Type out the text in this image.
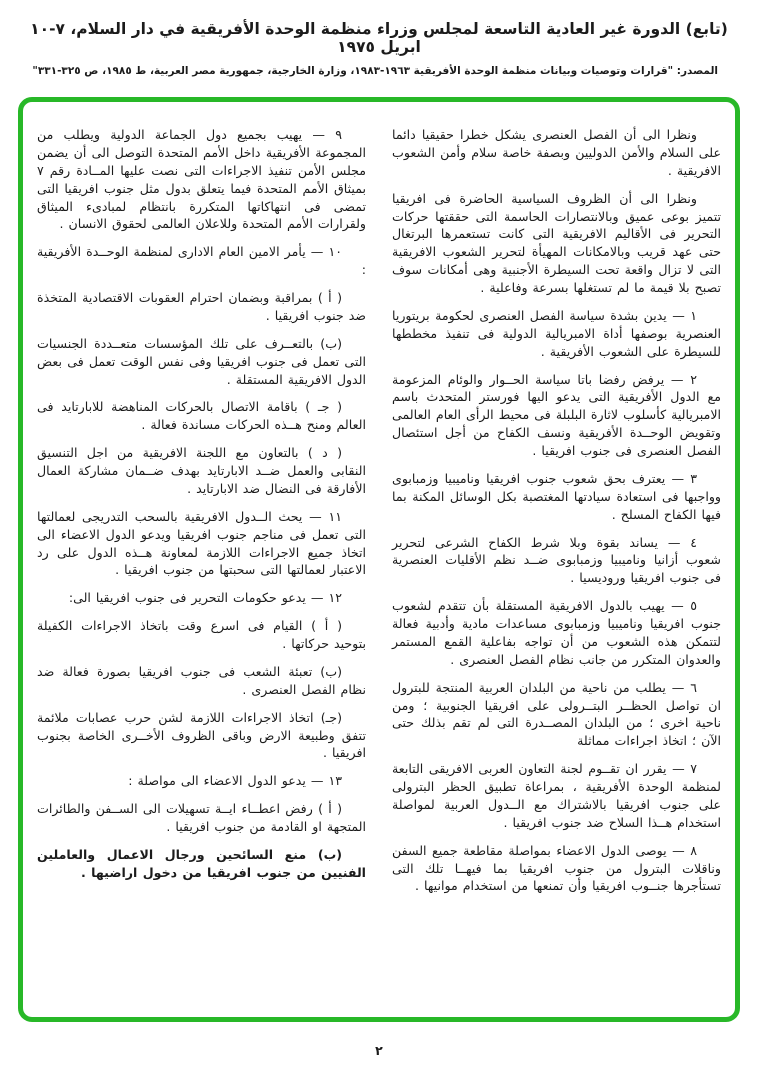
(تابع) الدورة غير العادية التاسعة لمجلس وزراء منظمة الوحدة الأفريقية في دار السلام، ٧-١٠ ابريل ١٩٧٥
المصدر: "قرارات وتوصيات وبيانات منظمة الوحدة الأفريقية ١٩٦٣-١٩٨٣، وزارة الخارجية، جمهورية مصر العربية، ط ١٩٨٥، ص ٣٢٥-٣٣١"

ونظرا الى أن الفصل العنصرى يشكل خطرا حقيقيا دائما على السلام والأمن الدوليين وبصفة خاصة سلام وأمن الشعوب الافريقية .

ونظرا الى أن الظروف السياسية الحاضرة فى افريقيا تتميز بوعى عميق وبالانتصارات الحاسمة التى حققتها حركات التحرير فى الأقاليم الافريقية التى كانت تستعمرها البرتغال حتى عهد قريب وبالامكانات المهيأة لتحرير الشعوب الافريقية التى لا تزال واقعة تحت السيطرة الأجنبية وهى أمكانات سوف تصبح بلا قيمة ما لم تستغلها بسرعة وفاعلية .

١ — يدين بشدة سياسة الفصل العنصرى لحكومة بريتوريا العنصرية بوصفها أداة الامبريالية الدولية فى تنفيذ مخططها للسيطرة على الشعوب الأفريقية .

٢ — يرفض رفضا باتا سياسة الحــوار والوئام المزعومة مع الدول الأفريقية التى يدعو اليها فورستر المتحدث باسم الامبريالية كأسلوب لاثارة البلبلة فى محيط الرأى العام العالمى وتقويض الوحــدة الأفريقية ونسف الكفاح من أجل استئصال الفصل العنصرى فى جنوب افريقيا .

٣ — يعترف بحق شعوب جنوب افريقيا وناميبيا وزمبابوى وواجبها فى استعادة سيادتها المغتصبة بكل الوسائل المكنة بما فيها الكفاح المسلح .

٤ — يساند بقوة وبلا شرط الكفاح الشرعى لتحرير شعوب أزانيا وناميبيا وزمبابوى ضــد نظم الأقليات العنصرية فى جنوب افريقيا وروديسيا .

٥ — يهيب بالدول الافريقية المستقلة بأن تتقدم لشعوب جنوب افريقيا وناميبيا وزمبابوى مساعدات مادية وأدبية فعالة لتتمكن هذه الشعوب من أن تواجه بفاعلية القمع المستمر والعدوان المتكرر من جانب نظام الفصل العنصرى .

٦ — يطلب من ناحية من البلدان العربية المنتجة للبترول ان تواصل الحظــر البتــرولى على افريقيا الجنوبية ؛ ومن ناحية اخرى ؛ من البلدان المصــدرة التى لم تقم بذلك حتى الآن ؛ اتخاذ اجراءات مماثلة

٧ — يقرر ان تقــوم لجنة التعاون العربى الافريقى التابعة لمنظمة الوحدة الأفريقية ، بمراعاة تطبيق الحظر البترولى على جنوب افريقيا بالاشتراك مع الــدول العربية لمواصلة استخدام هــذا السلاح ضد جنوب افريقيا .

٨ — يوصى الدول الاعضاء بمواصلة مقاطعة جميع السفن وناقلات البترول من جنوب افريقيا بما فيهــا تلك التى تستأجرها جنــوب افريقيا وأن تمنعها من استخدام موانيها .

٩ — يهيب بجميع دول الجماعة الدولية ويطلب من المجموعة الأفريقية داخل الأمم المتحدة التوصل الى أن يضمن مجلس الأمن تنفيذ الاجراءات التى نصت عليها المــادة رقم ٧ بميثاق الأمم المتحدة فيما يتعلق بدول مثل جنوب افريقيا التى تمضى فى انتهاكاتها المتكررة بانتظام لمبادىء الميثاق ولقرارات الأمم المتحدة وللاعلان العالمى لحقوق الانسان .

١٠ — يأمر الامين العام الادارى لمنظمة الوحــدة الأفريقية :

( أ ) بمراقبة وبضمان احترام العقوبات الاقتصادية المتخذة ضد جنوب افريقيا .

(ب) بالتعــرف على تلك المؤسسات متعــددة الجنسيات التى تعمل فى جنوب افريقيا وفى نفس الوقت تعمل فى بعض الدول الافريقية المستقلة .

( جـ ) باقامة الاتصال بالحركات المناهضة للابارتايد فى العالم ومنح هــذه الحركات مساندة فعالة .

( د ) بالتعاون مع اللجنة الافريقية من اجل التنسيق النقابى والعمل ضــد الابارتايد بهدف ضــمان مشاركة العمال الأفارقة فى النضال ضد الابارتايد .

١١ — يحث الــدول الافريقية بالسحب التدريجى لعمالتها التى تعمل فى مناجم جنوب افريقيا ويدعو الدول الاعضاء الى اتخاذ جميع الاجراءات اللازمة لمعاونة هــذه الدول على رد الاعتبار لعمالتها التى سحبتها من جنوب افريقيا .

١٢ — يدعو حكومات التحرير فى جنوب افريقيا الى:

( أ ) القيام فى اسرع وقت باتخاذ الاجراءات الكفيلة بتوحيد حركاتها .

(ب) تعبئة الشعب فى جنوب افريقيا بصورة فعالة ضد نظام الفصل العنصرى .

(جـ) اتخاذ الاجراءات اللازمة لشن حرب عصابات ملائمة تتفق وطبيعة الارض وباقى الظروف الأخــرى الخاصة بجنوب افريقيا .

١٣ — يدعو الدول الاعضاء الى مواصلة :

( أ ) رفض اعطــاء ايــة تسهيلات الى الســفن والطائرات المتجهة او القادمة من جنوب افريقيا .

(ب) منع السائحين ورجال الاعمال والعاملين الفنيين من جنوب افريقيا من دخول اراضيها .

٢
